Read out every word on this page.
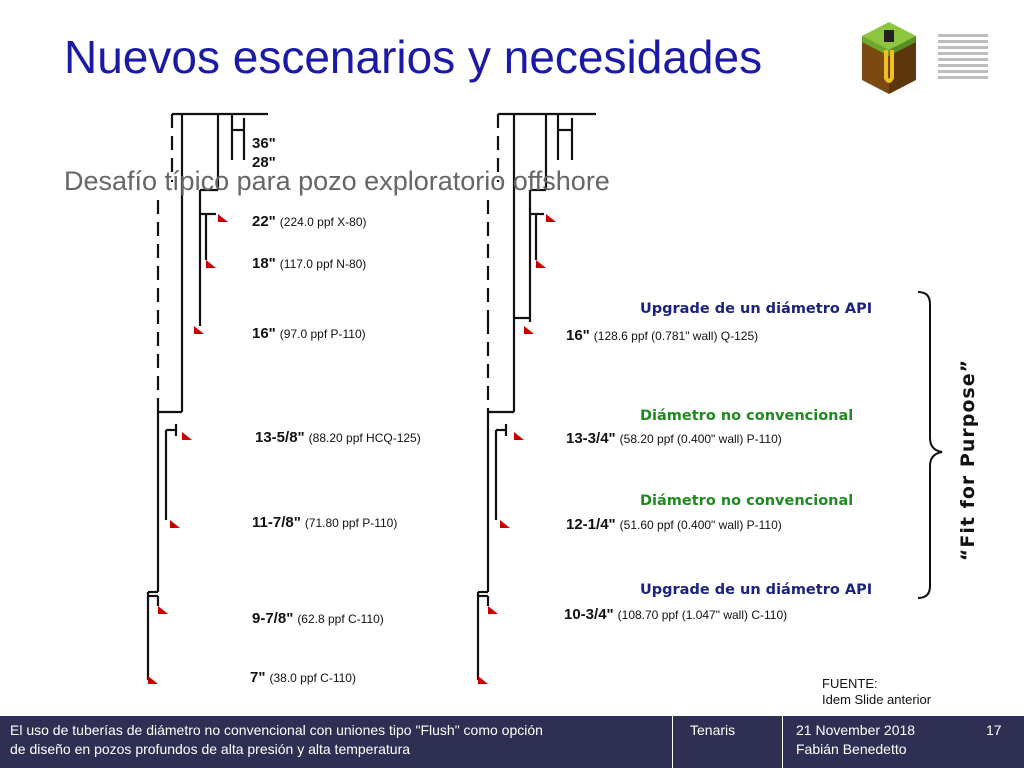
Nuevos escenarios y necesidades
36"
28"
22" (224.0 ppf X-80)
18" (117.0 ppf N-80)
16" (97.0 ppf P-110)
13-5/8" (88.20 ppf HCQ-125)
11-7/8" (71.80 ppf P-110)
9-7/8" (62.8 ppf C-110)
7" (38.0 ppf C-110)
16" (128.6 ppf (0.781" wall) Q-125)
13-3/4" (58.20 ppf (0.400" wall) P-110)
12-1/4" (51.60 ppf (0.400" wall) P-110)
10-3/4" (108.70 ppf (1.047" wall) C-110)
Upgrade de un diámetro API
Diámetro no convencional
Diámetro no convencional
Upgrade de un diámetro API
“Fit for Purpose”
Desafío típico para pozo exploratorio offshore
FUENTE:
Idem Slide anterior
El uso de tuberías de diámetro no convencional con uniones tipo "Flush" como opción
de diseño en pozos profundos de alta presión y alta temperatura
Tenaris	21 November 2018
Fabián Benedetto
17
